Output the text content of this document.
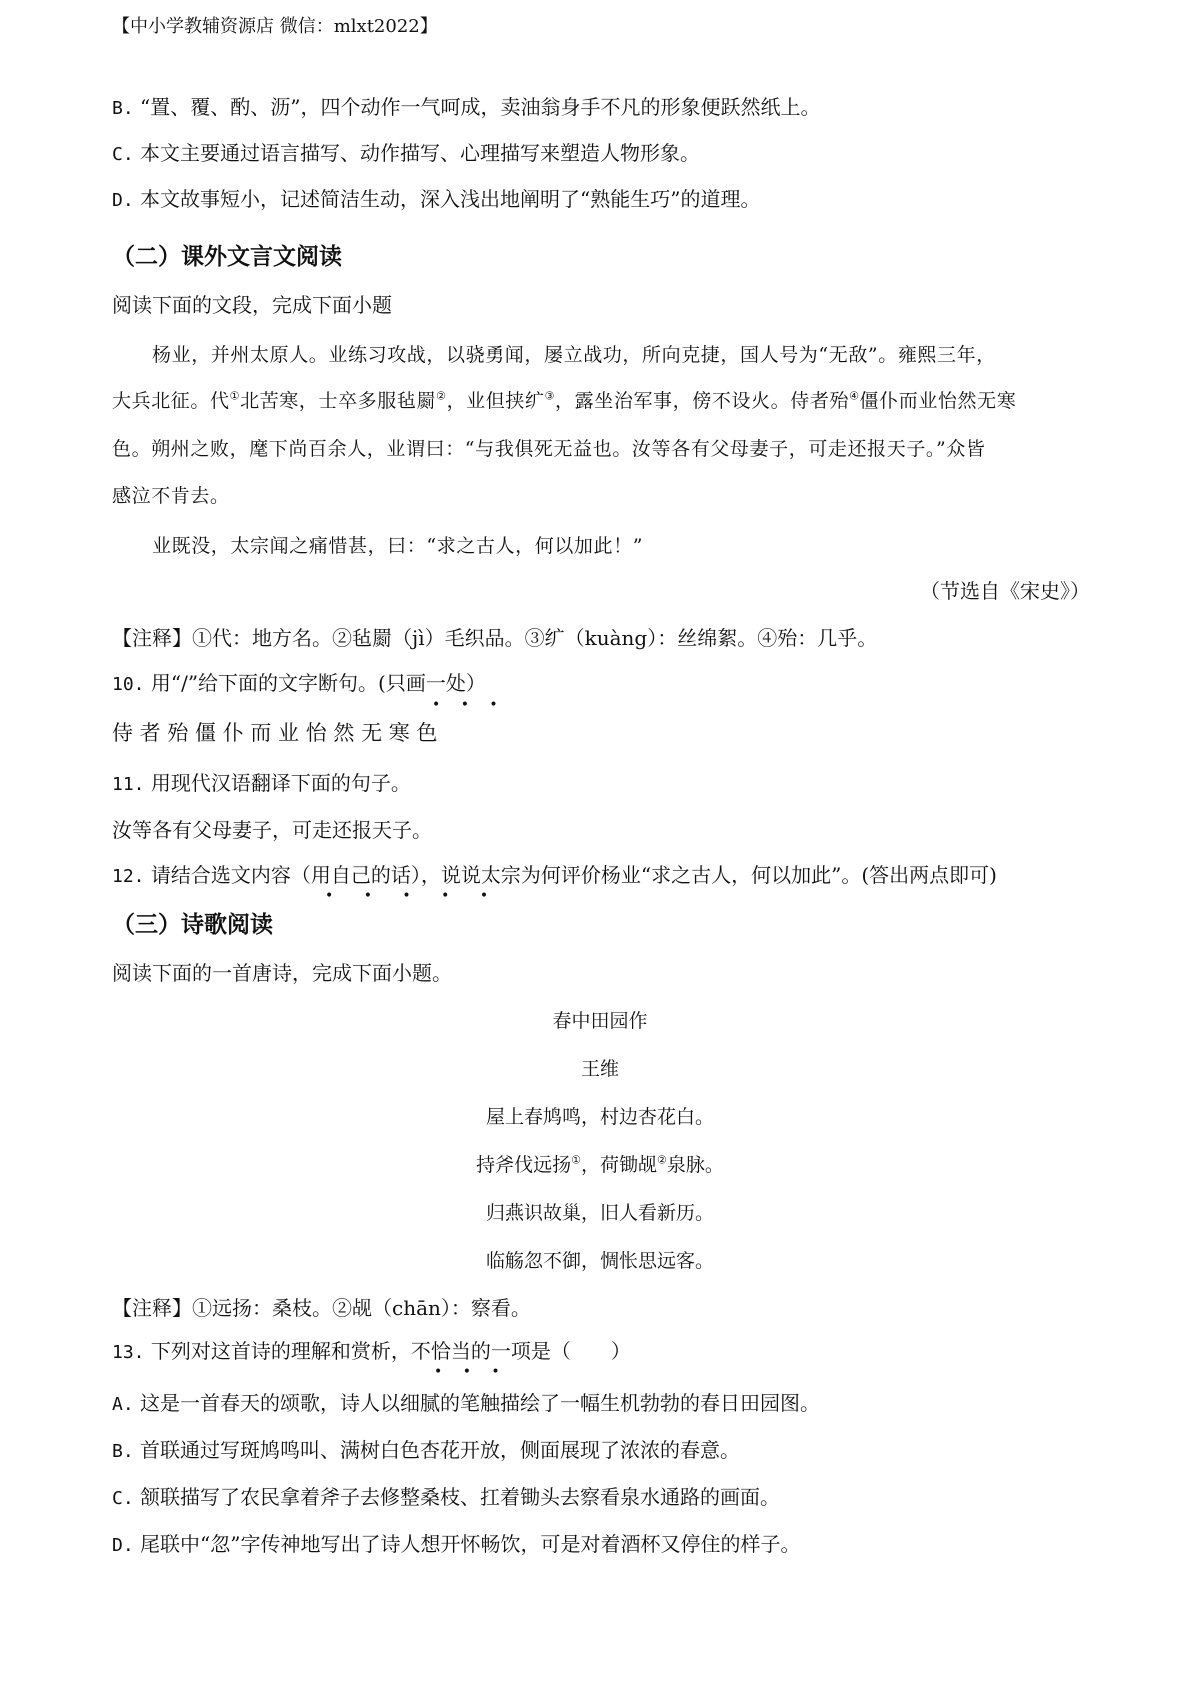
【中小学教辅资源店 微信：mlxt2022】
B. “置、覆、酌、沥”，四个动作一气呵成，卖油翁身手不凡的形象便跃然纸上。
C. 本文主要通过语言描写、动作描写、心理描写来塑造人物形象。
D. 本文故事短小，记述简洁生动，深入浅出地阐明了“熟能生巧”的道理。
（二）课外文言文阅读
阅读下面的文段，完成下面小题
杨业，并州太原人。业练习攻战，以骁勇闻，屡立战功，所向克捷，国人号为“无敌”。雍熙三年，
大兵北征。代①北苦寒，士卒多服毡罽②，业但挟纩③，露坐治军事，傍不设火。侍者殆④僵仆而业怡然无寒
色。朔州之败，麾下尚百余人，业谓曰：“与我俱死无益也。汝等各有父母妻子，可走还报天子。”众皆
感泣不肯去。
业既没，太宗闻之痛惜甚，曰：“求之古人，何以加此！”
（节选自《宋史》）
【注释】①代：地方名。②毡罽（jì）毛织品。③纩（kuàng）：丝绵絮。④殆：几乎。
10. 用“/”给下面的文字断句。(只画一处）
• • •
侍 者 殆 僵 仆 而 业 怡 然 无 寒 色
11. 用现代汉语翻译下面的句子。
汝等各有父母妻子，可走还报天子。
12. 请结合选文内容（用自己的话），说说太宗为何评价杨业“求之古人，何以加此”。(答出两点即可)
• • • • •
（三）诗歌阅读
阅读下面的一首唐诗，完成下面小题。
春中田园作
王维
屋上春鸠鸣，村边杏花白。
持斧伐远扬①，荷锄觇②泉脉。
归燕识故巢，旧人看新历。
临觞忽不御，惆怅思远客。
【注释】①远扬：桑枝。②觇（chān）：察看。
13. 下列对这首诗的理解和赏析，不恰当的一项是（　　）
• • •
A. 这是一首春天的颂歌，诗人以细腻的笔触描绘了一幅生机勃勃的春日田园图。
B. 首联通过写斑鸠鸣叫、满树白色杏花开放，侧面展现了浓浓的春意。
C. 颔联描写了农民拿着斧子去修整桑枝、扛着锄头去察看泉水通路的画面。
D. 尾联中“忽”字传神地写出了诗人想开怀畅饮，可是对着酒杯又停住的样子。
